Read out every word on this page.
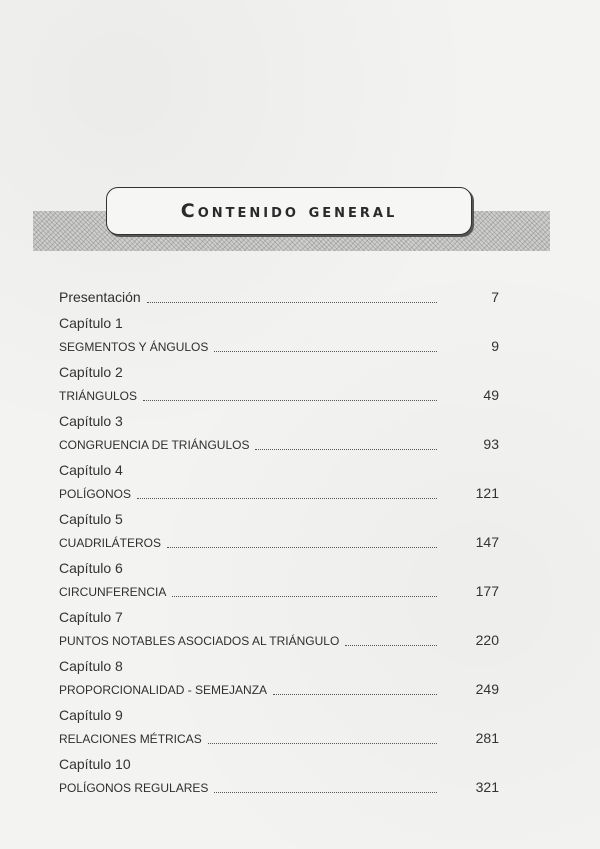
Contenido general
Presentación	7
Capítulo 1
SEGMENTOS Y ÁNGULOS	9
Capítulo 2
TRIÁNGULOS	49
Capítulo 3
CONGRUENCIA DE TRIÁNGULOS	93
Capítulo 4
POLÍGONOS	121
Capítulo 5
CUADRILÁTEROS	147
Capítulo 6
CIRCUNFERENCIA	177
Capítulo 7
PUNTOS NOTABLES ASOCIADOS AL TRIÁNGULO	220
Capítulo 8
PROPORCIONALIDAD - SEMEJANZA	249
Capítulo 9
RELACIONES MÉTRICAS	281
Capítulo 10
POLÍGONOS REGULARES	321
